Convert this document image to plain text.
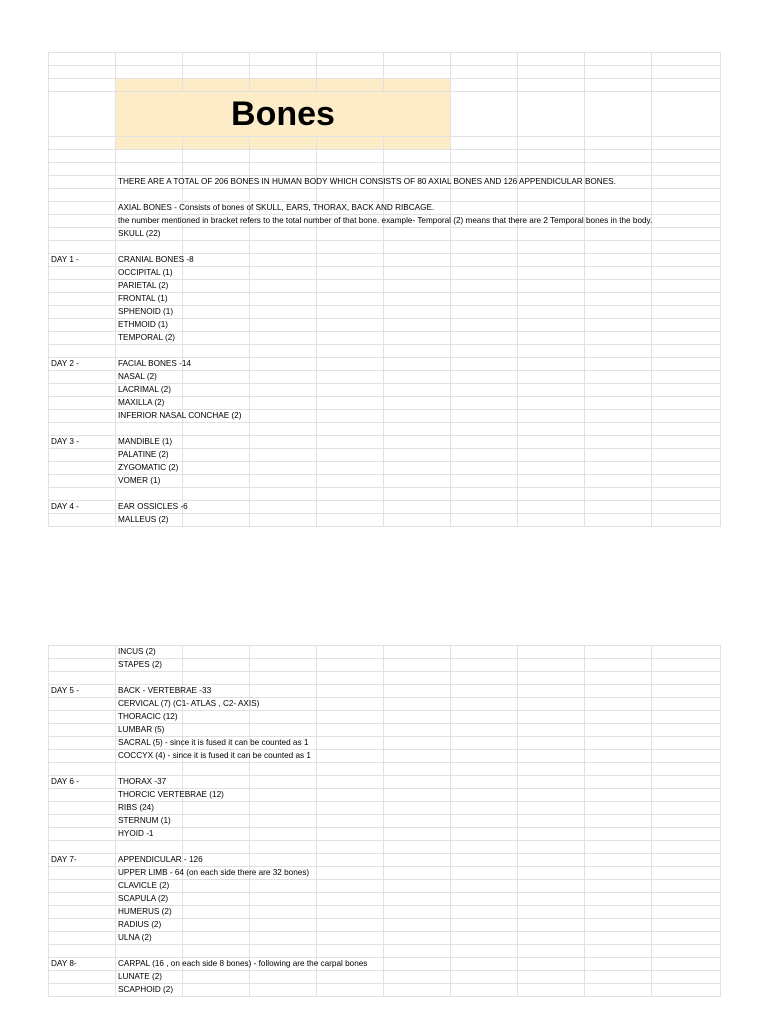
	Bones								

	THERE ARE A TOTAL OF 206 BONES IN HUMAN BODY WHICH CONSISTS OF 80 AXIAL BONES AND 126 APPENDICULAR BONES.								

	AXIAL BONES - Consists of bones of SKULL, EARS, THORAX, BACK AND RIBCAGE.								
	the number mentioned in bracket refers to the total number of that bone. example- Temporal (2) means that there are 2 Temporal bones in the body.								
	SKULL (22)								

DAY 1 -	CRANIAL BONES -8								
	OCCIPITAL (1)								
	PARIETAL (2)								
	FRONTAL (1)								
	SPHENOID (1)								
	ETHMOID (1)								
	TEMPORAL (2)								

DAY 2 -	FACIAL BONES -14								
	NASAL (2)								
	LACRIMAL (2)								
	MAXILLA (2)								
	INFERIOR NASAL CONCHAE (2)								

DAY 3 -	MANDIBLE (1)								
	PALATINE (2)								
	ZYGOMATIC (2)								
	VOMER (1)								

DAY 4 -	EAR OSSICLES -6								
	MALLEUS (2)								
	INCUS (2)								
	STAPES (2)								

DAY 5 -	BACK - VERTEBRAE -33								
	CERVICAL (7) (C1- ATLAS , C2- AXIS)								
	THORACIC (12)								
	LUMBAR (5)								
	SACRAL (5) - since it is fused it can be counted as 1								
	COCCYX (4) - since it is fused it can be counted as 1								

DAY 6 -	THORAX -37								
	THORCIC VERTEBRAE (12)								
	RIBS (24)								
	STERNUM (1)								
	HYOID -1								

DAY 7-	APPENDICULAR - 126								
	UPPER LIMB - 64 (on each side there are 32 bones)								
	CLAVICLE (2)								
	SCAPULA (2)								
	HUMERUS (2)								
	RADIUS (2)								
	ULNA (2)								

DAY 8-	CARPAL (16 , on each side 8 bones) - following are the carpal bones								
	LUNATE (2)								
	SCAPHOID (2)								
